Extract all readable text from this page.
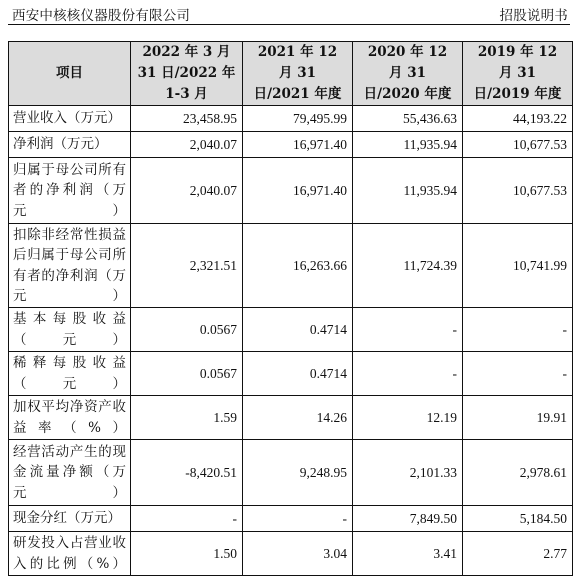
西安中核核仪器股份有限公司	招股说明书
项目	2022 年 3 月 31 日/2022 年 1-3 月	2021 年 12 月 31 日/2021 年度	2020 年 12 月 31 日/2020 年度	2019 年 12 月 31 日/2019 年度
营业收入（万元）	23,458.95	79,495.99	55,436.63	44,193.22
净利润（万元）	2,040.07	16,971.40	11,935.94	10,677.53
归属于母公司所有者的净利润（万元）	2,040.07	16,971.40	11,935.94	10,677.53
扣除非经常性损益后归属于母公司所有者的净利润（万元）	2,321.51	16,263.66	11,724.39	10,741.99
基本每股收益（元）	0.0567	0.4714	-	-
稀释每股收益（元）	0.0567	0.4714	-	-
加权平均净资产收益率（%）	1.59	14.26	12.19	19.91
经营活动产生的现金流量净额（万元）	-8,420.51	9,248.95	2,101.33	2,978.61
现金分红（万元）	-	-	7,849.50	5,184.50
研发投入占营业收入的比例（%）	1.50	3.04	3.41	2.77
